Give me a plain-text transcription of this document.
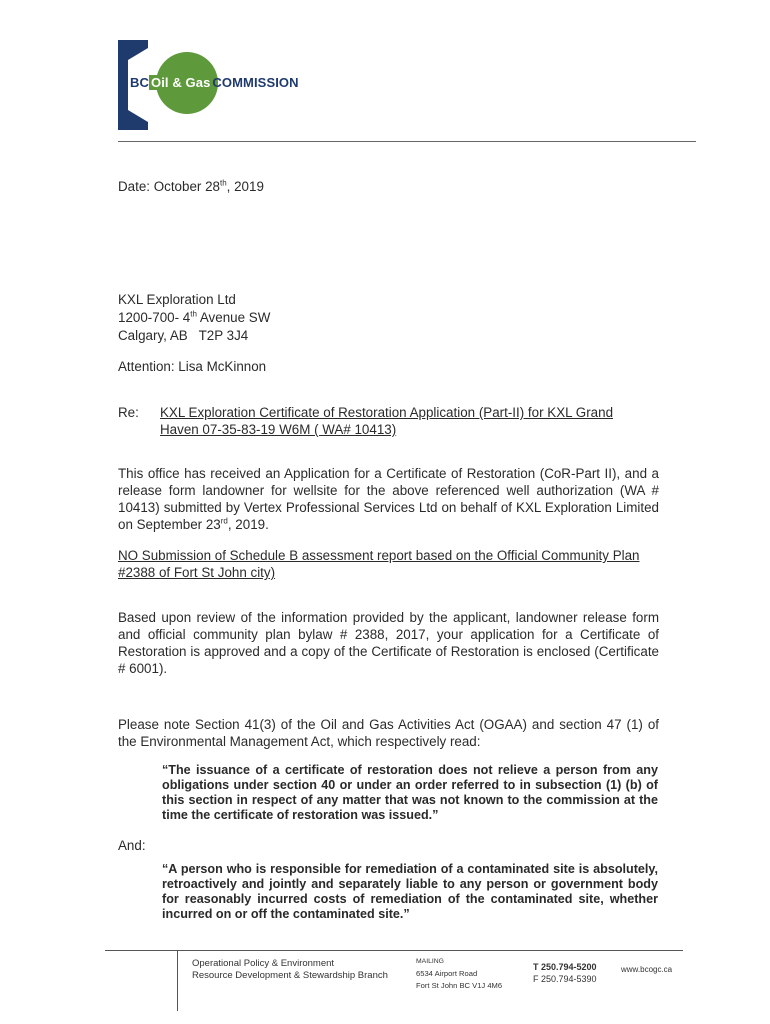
BC Oil & Gas COMMISSION
Date: October 28th, 2019
KXL Exploration Ltd
1200-700- 4th Avenue SW
Calgary, AB   T2P 3J4
Attention: Lisa McKinnon
Re: KXL Exploration Certificate of Restoration Application (Part-II) for KXL Grand
Haven 07-35-83-19 W6M ( WA# 10413)
This office has received an Application for a Certificate of Restoration (CoR-Part II), and a release form landowner for wellsite for the above referenced well authorization (WA # 10413) submitted by Vertex Professional Services Ltd on behalf of KXL Exploration Limited on September 23rd, 2019.
NO Submission of Schedule B assessment report based on the Official Community Plan
#2388 of Fort St John city)
Based upon review of the information provided by the applicant, landowner release form and official community plan bylaw # 2388, 2017, your application for a Certificate of Restoration is approved and a copy of the Certificate of Restoration is enclosed (Certificate # 6001).
Please note Section 41(3) of the Oil and Gas Activities Act (OGAA) and section 47 (1) of the Environmental Management Act, which respectively read:
“The issuance of a certificate of restoration does not relieve a person from any obligations under section 40 or under an order referred to in subsection (1) (b) of this section in respect of any matter that was not known to the commission at the time the certificate of restoration was issued.”
And:
“A person who is responsible for remediation of a contaminated site is absolutely, retroactively and jointly and separately liable to any person or government body for reasonably incurred costs of remediation of the contaminated site, whether incurred on or off the contaminated site.”
Operational Policy & Environment
Resource Development & Stewardship Branch
MAILING
6534 Airport Road
Fort St John BC V1J 4M6
T 250.794-5200
F 250.794-5390
www.bcogc.ca
